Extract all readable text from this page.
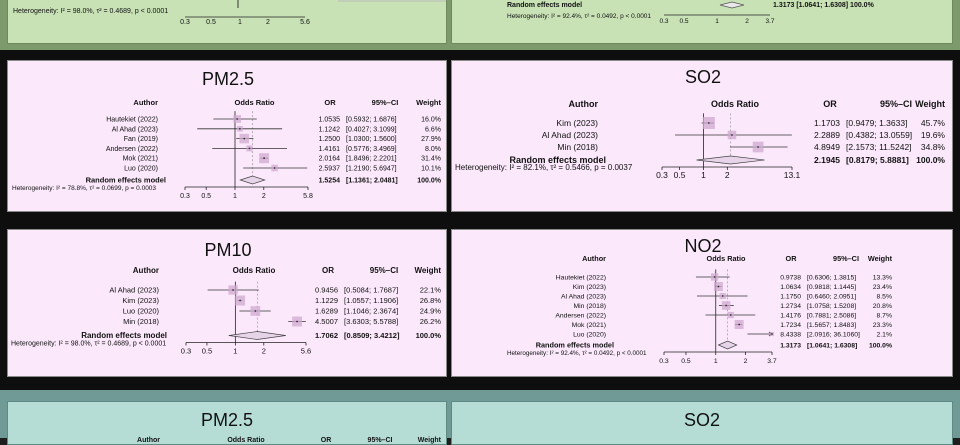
Heterogeneity: I² = 98.0%, τ² = 0.4689, p < 0.0001
0.3 0.5	1	2	5.6
Random effects model	1.3173 [1.0641; 1.6308] 100.0%
Heterogeneity: I² = 92.4%, τ² = 0.0492, p < 0.0001
0.3 0.5	1	2	3.7
PM2.5
Author	Odds Ratio	OR	95%–CI Weight
Hautekiet (2022)	1.0535 [0.5932; 1.6876]	16.0%
Al Ahad (2023)	1.1242 [0.4027; 3.1099]	6.6%
Fan (2019)	1.2500 [1.0300; 1.5600]	27.9%
Andersen (2022)	1.4161 [0.5776; 3.4969]	8.0%
Mok (2021)	2.0164 [1.8496; 2.2201]	31.4%
Luo (2020)	2.5937 [1.2190; 5.6947]	10.1%
Random effects model	1.5254 [1.1361; 2.0481]	100.0%
Heterogeneity: I² = 78.8%, τ² = 0.0699, p = 0.0003
0.3 0.5	1	2	5.8
SO2
Author	Odds Ratio	OR	95%–CI Weight
Kim (2023)	1.1703 [0.9479; 1.3633] 45.7%
Al Ahad (2023)	2.2889 [0.4382; 13.0559] 19.6%
Min (2018)	4.8949 [2.1573; 11.5242] 34.8%
Random effects model	2.1945 [0.8179; 5.8881] 100.0%
Heterogeneity: I² = 82.1%, τ² = 0.5466, p = 0.0037
0.3 0.5 1 2	13.1
PM10
Author	Odds Ratio	OR	95%–CI Weight
Al Ahad (2023)	0.9456 [0.5084; 1.7687]	22.1%
Kim (2023)	1.1229 [1.0557; 1.1906]	26.8%
Luo (2020)	1.6289 [1.1046; 2.3674]	24.9%
Min (2018)	4.5007 [3.6303; 5.5788]	26.2%
Random effects model	1.7062 [0.8509; 3.4212] 100.0%
Heterogeneity: I² = 98.0%, τ² = 0.4689, p < 0.0001
0.3 0.5	1	2	5.6
NO2
Author	Odds Ratio	OR	95%–CI Weight
Hautekiet (2022)	0.9738 [0.6306; 1.3815] 13.3%
Kim (2023)	1.0634 [0.9818; 1.1445] 23.4%
Al Ahad (2023)	1.1750 [0.6460; 2.0951]	8.5%
Min (2018)	1.2734 [1.0758; 1.5208] 20.8%
Andersen (2022)	1.4176 [0.7881; 2.5086]	8.7%
Mok (2021)	1.7234 [1.5657; 1.8483] 23.3%
Luo (2020)	8.4338 [2.0916; 36.1060] 2.1%
Random effects model	1.3173 [1.0641; 1.6308] 100.0%
Heterogeneity: I² = 92.4%, τ² = 0.0492, p < 0.0001
0.3 0.5	1	2	3.7
PM2.5
Author	Odds Ratio	OR	95%–CI	Weight
SO2
